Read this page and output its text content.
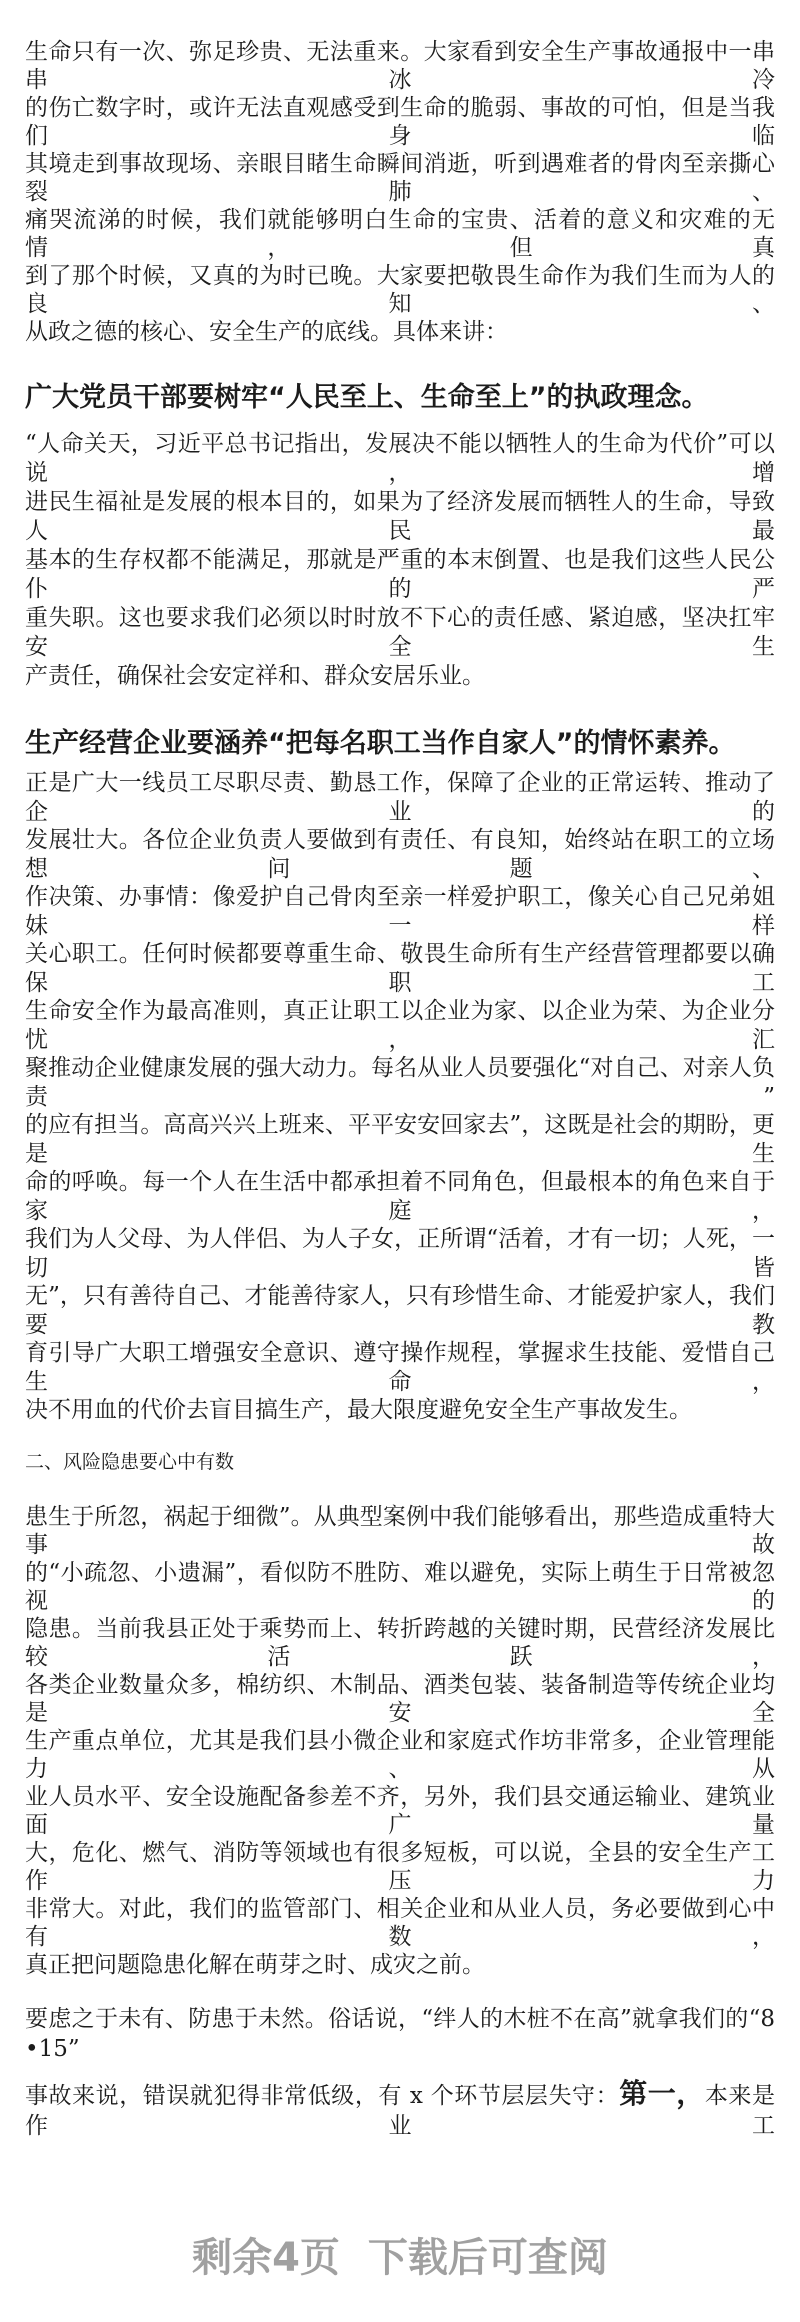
生命只有一次、弥足珍贵、无法重来。大家看到安全生产事故通报中一串串冰冷
的伤亡数字时，或许无法直观感受到生命的脆弱、事故的可怕，但是当我们身临
其境走到事故现场、亲眼目睹生命瞬间消逝，听到遇难者的骨肉至亲撕心裂肺、
痛哭流涕的时候，我们就能够明白生命的宝贵、活着的意义和灾难的无情，但真
到了那个时候，又真的为时已晚。大家要把敬畏生命作为我们生而为人的良知、
从政之德的核心、安全生产的底线。具体来讲：
广大党员干部要树牢“人民至上、生命至上”的执政理念。
“人命关天，习近平总书记指出，发展决不能以牺牲人的生命为代价”可以说，增
进民生福祉是发展的根本目的，如果为了经济发展而牺牲人的生命，导致人民最
基本的生存权都不能满足，那就是严重的本末倒置、也是我们这些人民公仆的严
重失职。这也要求我们必须以时时放不下心的责任感、紧迫感，坚决扛牢安全生
产责任，确保社会安定祥和、群众安居乐业。
生产经营企业要涵养“把每名职工当作自家人”的情怀素养。
正是广大一线员工尽职尽责、勤恳工作，保障了企业的正常运转、推动了企业的
发展壮大。各位企业负责人要做到有责任、有良知，始终站在职工的立场想问题、
作决策、办事情：像爱护自己骨肉至亲一样爱护职工，像关心自己兄弟姐妹一样
关心职工。任何时候都要尊重生命、敬畏生命所有生产经营管理都要以确保职工
生命安全作为最高准则，真正让职工以企业为家、以企业为荣、为企业分忧，汇
聚推动企业健康发展的强大动力。每名从业人员要强化“对自己、对亲人负责”
的应有担当。高高兴兴上班来、平平安安回家去”，这既是社会的期盼，更是生
命的呼唤。每一个人在生活中都承担着不同角色，但最根本的角色来自于家庭，
我们为人父母、为人伴侣、为人子女，正所谓“活着，才有一切；人死，一切皆
无”，只有善待自己、才能善待家人，只有珍惜生命、才能爱护家人，我们要教
育引导广大职工增强安全意识、遵守操作规程，掌握求生技能、爱惜自己生命，
决不用血的代价去盲目搞生产，最大限度避免安全生产事故发生。
二、风险隐患要心中有数
患生于所忽，祸起于细微”。从典型案例中我们能够看出，那些造成重特大事故
的“小疏忽、小遗漏”，看似防不胜防、难以避免，实际上萌生于日常被忽视的
隐患。当前我县正处于乘势而上、转折跨越的关键时期，民营经济发展比较活跃，
各类企业数量众多，棉纺织、木制品、酒类包装、装备制造等传统企业均是安全
生产重点单位，尤其是我们县小微企业和家庭式作坊非常多，企业管理能力、从
业人员水平、安全设施配备参差不齐，另外，我们县交通运输业、建筑业面广量
大，危化、燃气、消防等领域也有很多短板，可以说，全县的安全生产工作压力
非常大。对此，我们的监管部门、相关企业和从业人员，务必要做到心中有数，
真正把问题隐患化解在萌芽之时、成灾之前。
要虑之于未有、防患于未然。俗话说，“绊人的木桩不在高”就拿我们的“8•15”
事故来说，错误就犯得非常低级，有 x 个环节层层失守：第一，本来是作业工
剩余4页 下载后可查阅
